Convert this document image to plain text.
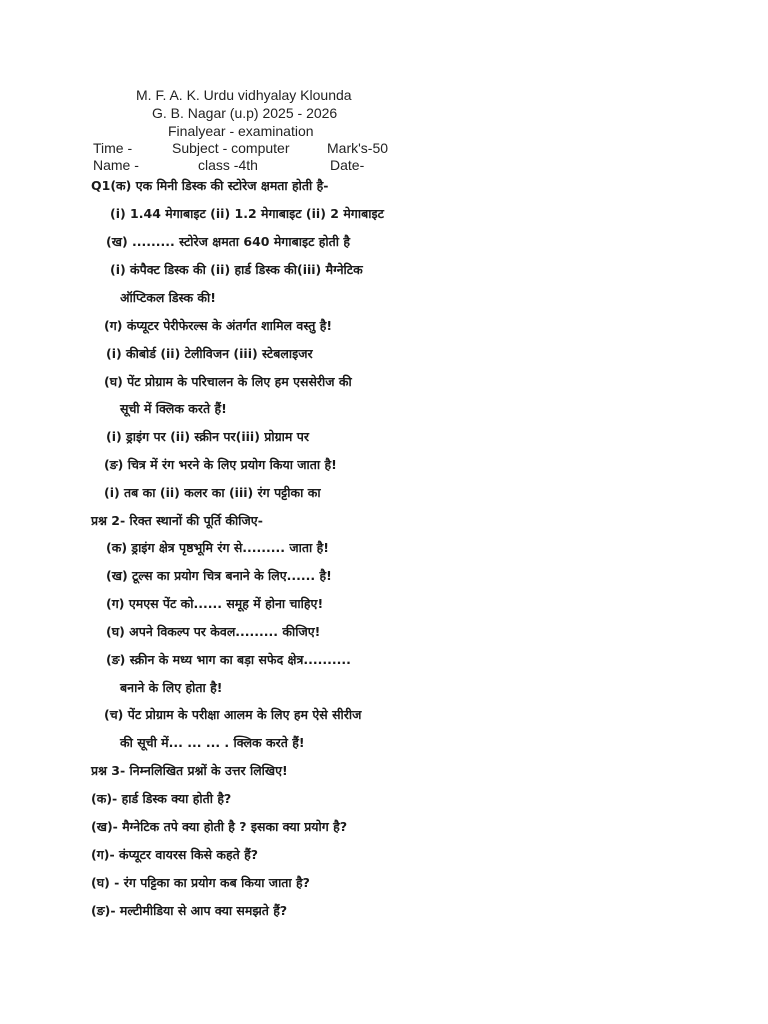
M. F. A. K. Urdu vidhyalay Klounda
G. B. Nagar (u.p) 2025 - 2026
Finalyear - examination
Time -	Subject - computer	Mark's-50
Name -	class -4th	Date-
Q1(क) एक मिनी डिस्क की स्टोरेज क्षमता होती है-
(i) 1.44 मेगाबाइट (ii) 1.2 मेगाबाइट (ii) 2 मेगाबाइट
(ख) ......... स्टोरेज क्षमता 640 मेगाबाइट होती है
(i) कंपैक्ट डिस्क की (ii) हार्ड डिस्क की(iii) मैग्नेटिक
ऑप्टिकल डिस्क की!
(ग) कंप्यूटर पेरीफेरल्स के अंतर्गत शामिल वस्तु है!
(i) कीबोर्ड (ii) टेलीविजन (iii) स्टेबलाइजर
(घ) पेंट प्रोग्राम के परिचालन के लिए हम एससेरीज की
सूची में क्लिक करते हैं!
(i) ड्राइंग पर (ii) स्क्रीन पर(iii) प्रोग्राम पर
(ङ) चित्र में रंग भरने के लिए प्रयोग किया जाता है!
(i) तब का (ii) कलर का (iii) रंग पट्टीका का
प्रश्न 2- रिक्त स्थानों की पूर्ति कीजिए-
(क) ड्राइंग क्षेत्र पृष्ठभूमि रंग से......... जाता है!
(ख) टूल्स का प्रयोग चित्र बनाने के लिए...... है!
(ग) एमएस पेंट को...... समूह में होना चाहिए!
(घ) अपने विकल्प पर केवल......... कीजिए!
(ङ) स्क्रीन के मध्य भाग का बड़ा सफेद क्षेत्र..........
बनाने के लिए होता है!
(च) पेंट प्रोग्राम के परीक्षा आलम के लिए हम ऐसे सीरीज
की सूची में... ... ... . क्लिक करते हैं!
प्रश्न 3- निम्नलिखित प्रश्नों के उत्तर लिखिए!
(क)- हार्ड डिस्क क्या होती है?
(ख)- मैग्नेटिक तपे क्या होती है ? इसका क्या प्रयोग है?
(ग)- कंप्यूटर वायरस किसे कहते हैं?
(घ) - रंग पट्टिका का प्रयोग कब किया जाता है?
(ङ)- मल्टीमीडिया से आप क्या समझते हैं?
